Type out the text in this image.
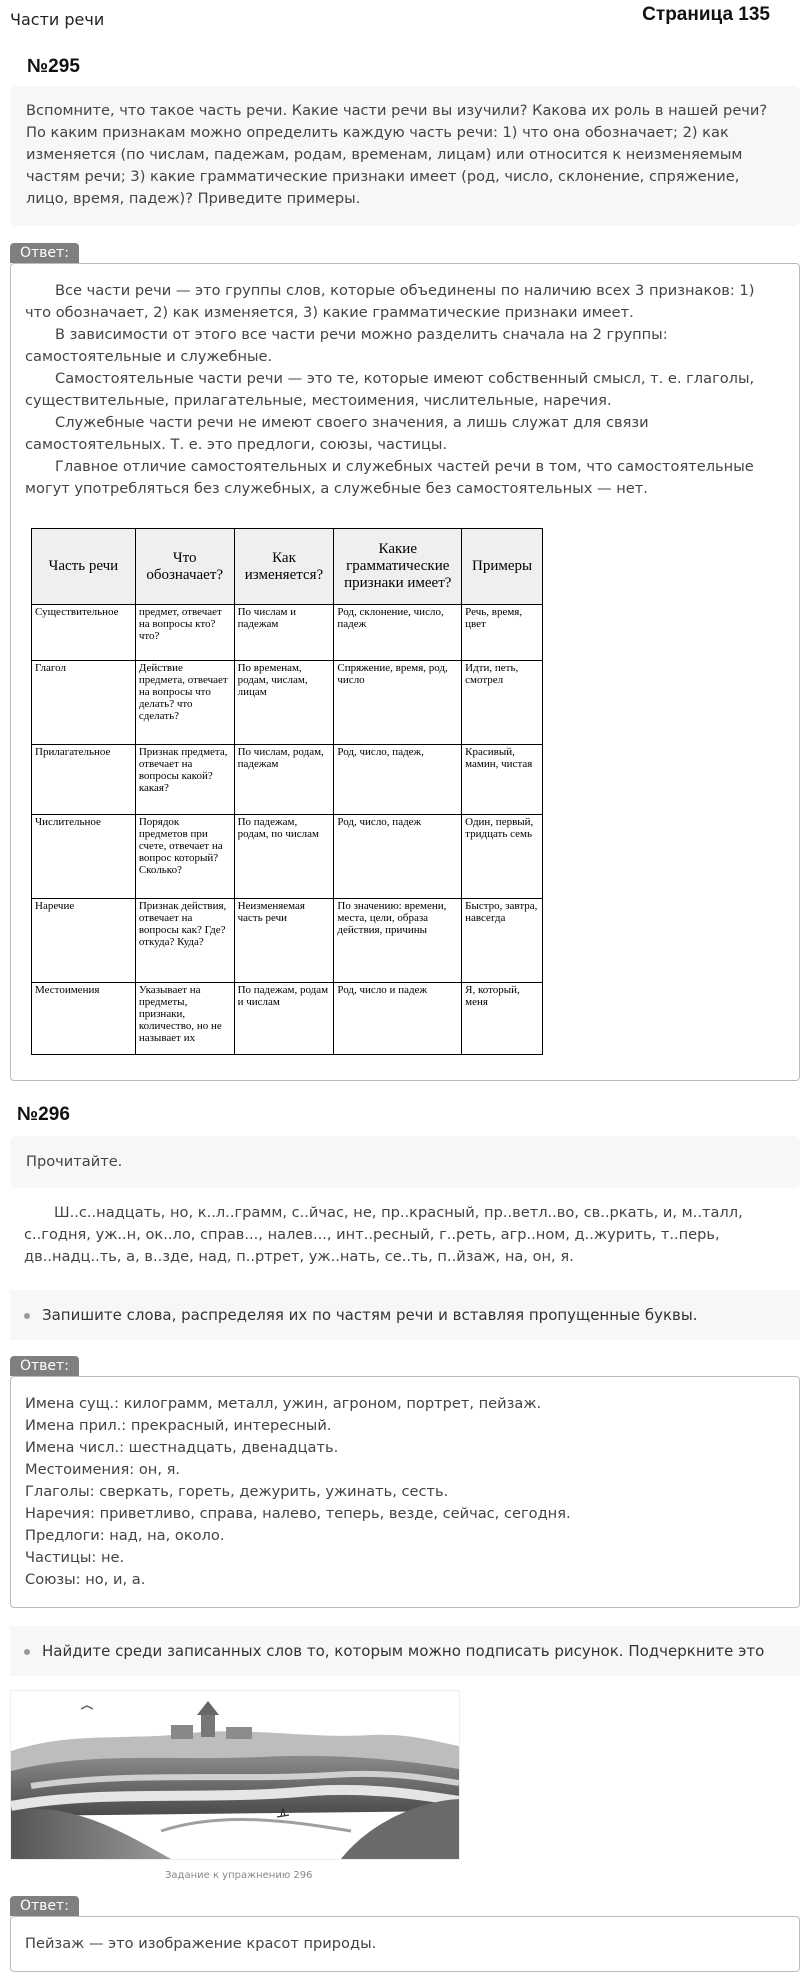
Части речи	Страница 135
№295
Вспомните, что такое часть речи. Какие части речи вы изучили? Какова их роль в нашей речи? По каким признакам можно определить каждую часть речи: 1) что она обозначает; 2) как изменяется (по числам, падежам, родам, временам, лицам) или относится к неизменяемым частям речи; 3) какие грамматические признаки имеет (род, число, склонение, спряжение, лицо, время, падеж)? Приведите примеры.
Ответ:

Все части речи — это группы слов, которые объединены по наличию всех 3 признаков: 1) что обозначает, 2) как изменяется, 3) какие грамматические признаки имеет.

В зависимости от этого все части речи можно разделить сначала на 2 группы: самостоятельные и служебные.

Самостоятельные части речи — это те, которые имеют собственный смысл, т. е. глаголы, существительные, прилагательные, местоимения, числительные, наречия.

Служебные части речи не имеют своего значения, а лишь служат для связи самостоятельных. Т. е. это предлоги, союзы, частицы.

Главное отличие самостоятельных и служебных частей речи в том, что самостоятельные могут употребляться без служебных, а служебные без самостоятельных — нет.

Часть речи	Что обозначает?	Как изменяется?	Какие грамматические признаки имеет?	Примеры
Существительное	предмет, отвечает на вопросы кто? что?	По числам и падежам	Род, склонение, число, падеж	Речь, время, цвет
Глагол	Действие предмета, отвечает на вопросы что делать? что сделать?	По временам, родам, числам, лицам	Спряжение, время, род, число	Идти, петь, смотрел
Прилагательное	Признак предмета, отвечает на вопросы какой? какая?	По числам, родам, падежам	Род, число, падеж,	Красивый, мамин, чистая
Числительное	Порядок предметов при счете, отвечает на вопрос который? Сколько?	По падежам, родам, по числам	Род, число, падеж	Один, первый, тридцать семь
Наречие	Признак действия, отвечает на вопросы как? Где? откуда? Куда?	Неизменяемая часть речи	По значению: времени, места, цели, образа действия, причины	Быстро, завтра, навсегда
Местоимения	Указывает на предметы, признаки, количество, но не называет их	По падежам, родам и числам	Род, число и падеж	Я, который, меня
№296
Прочитайте.

Ш..с..надцать, но, к..л..грамм, с..йчас, не, пр..красный, пр..ветл..во, св..ркать, и, м..талл, с..годня, уж..н, ок..ло, справ..., налев..., инт..ресный, г..реть, агр..ном, д..журить, т..перь, дв..надц..ть, а, в..зде, над, п..ртрет, уж..нать, се..ть, п..йзаж, на, он, я.

Запишите слова, распределяя их по частям речи и вставляя пропущенные буквы.
Ответ:
Имена сущ.: килограмм, металл, ужин, агроном, портрет, пейзаж.
Имена прил.: прекрасный, интересный.
Имена числ.: шестнадцать, двенадцать.
Местоимения: он, я.
Глаголы: сверкать, гореть, дежурить, ужинать, сесть.
Наречия: приветливо, справа, налево, теперь, везде, сейчас, сегодня.
Предлоги: над, на, около.
Частицы: не.
Союзы: но, и, а.
Найдите среди записанных слов то, которым можно подписать рисунок. Подчеркните это
Задание к упражнению 296
Ответ:
Пейзаж — это изображение красот природы.
